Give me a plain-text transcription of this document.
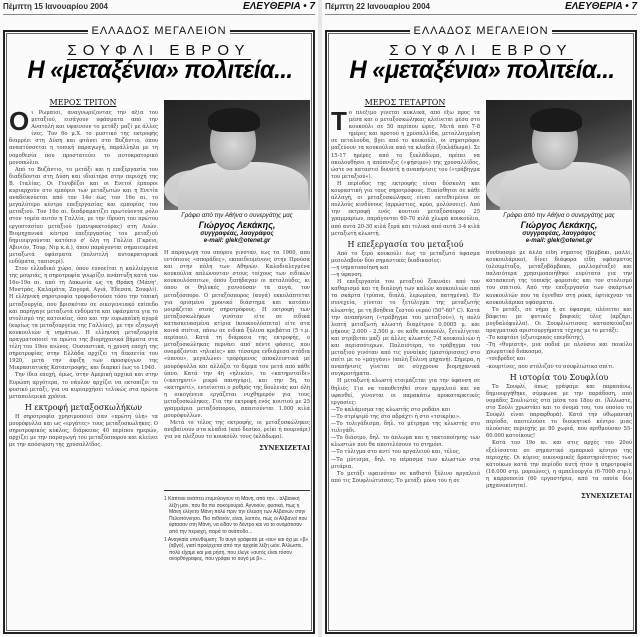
Πέμπτη 15 Ιανουαρίου 2004	ΕΛΕΥΘΕΡΙΑ • 7
ΕΛΛΑΔΟΣ ΜΕΓΑΛΕΙΟΝ
ΣΟΥΦΛΙ ΕΒΡΟΥ
Η «μεταξένια» πολιτεία...
ΜΕΡΟΣ ΤΡΙΤΟΝ

Οι Ρωμαίοι, αναγνωρίζοντας την αξία του μεταξιού, εισάγουν υφάσματα από την Ανατολή και υφαίνουν το μετάξι μαζί με άλλες ίνες. Τον 6ο μ.Χ. το μυστικό της εκτροφής διαρρέει στη Δύση και φτάνει στο Βυζάντιο, όπου αναπτύσσεται η τοπική παραγωγή, παράλληλα με τη νομοθεσία που προστατεύει το αυτοκρατορικό μονοπώλιο.

Από το Βυζάντιο, το μετάξι και η επεξεργασία του διαδίδονται στη Δύση και ιδιαίτερα στην περιοχή της Β. Ιταλίας. Οι Γενοβέζοι και οι Ενετοί έμποροι κυριαρχούν στο εμπόριο των μεταξωτών και η Ενετία αναδεικνύεται από τον 14ο έως τον 16ο αι. το μεγαλύτερο κέντρο επεξεργασίας και εμπορίας του μεταξιού. Τον 16ο αι. διαδραματίζει πρωτεύοντα ρόλο στον τομέα αυτόν η Γαλλία, με την ίδρυση του πρώτου εργοστασίου μεταξιού (μανιφακτούρας) στη Λυών. Βιομηχανικά κέντρα επεξεργασίας του μεταξιού δημιουργούνται κατόπιν σ' όλη τη Γαλλία (Γκρέιο, Αβινιόν, Τουρ, Νιμ κ.ά.), όπου παράγονται σημαιευμένα μεταξωτά υφάσματα (πολυτελή αυτοκρατορικά ενδύματα, ταπισερί).

Στον ελλαδικό χώρο, όπου ευνοείται η καλλιέργεια της μουριάς, η σηροτροφία γνωρίζει ανάπτυξη κατά τον 16ο-19ο αι. από τη Λακωνία ως τη Θράκη (Μάνη¹, Μυστράς, Καλαμάτα, Ζαγορά, Αγιά, Έδεσσα, Σουφλί). Η ελληνική σηροτροφία τροφοδοτούσε τόσο την τοπική μεταξουργία, που βρισκόταν σε οικογενειακό επίπεδο και παρήγαγε μεταξωτά ενδύματα και υφάσματα για το στολισμό της κατοικίας, όσο και την ευρωπαϊκή αγορά (κυρίως τα μεταξουργεία της Γαλλίας), με την εξαγωγή κουκουλιών ή νημάτων. Η ελληνική μεταξουργία πραγματοποιεί τα πρώτα της βιομηχανικά βήματα στα τέλη του 19ου αιώνος. Ουσιαστικά, η χρυσή εποχή της σηροτροφίας στην Ελλάδα αρχίζει τη δεκαετία του 1920, μετά την άφιξη των προσφύγων της Μικρασιατικής Καταστροφής, και διαρκεί έως το 1940.

Την ίδια εποχή, όμως, στην Αμερική αρχικά και στην Ευρώπη αργότερα, το νάυλον αρχίζει να εκτοπίζει το φυσικό μετάξι, για να κυριαρχήσει τελικώς στα πρώτα μεταπολεμικά χρόνια.

Η εκτροφή μεταξοσκωλήκων

Η σηροτροφία χρησιμοποιεί σαν «πρώτη ύλη» τα μουρόφυλλα και ως «εργάτες» τους μεταξοσκώληκες. Ο σηροτροφικός κύκλος, διάρκειας 40 περίπου ημερών, αρχίζει με την παραγωγή του μεταξόσπορου και κλείνει με την απόσυρση της χρυσαλλίδος.

Γράφει από την Αθήνα ο συνεργάτης μας
Γιώργος Λεκάκης,
συγγραφέας, λαογράφος
e-mail: glek@otenet.gr

Η παραγωγή του σπόρου γινόταν, έως τα 1960, από εντόπιους «σποράδες», εκπαιδευμένους στην Προύσα και στην πόλη των Αθηνών. Καλοδιαλεγμένα κουκούλια απλώνονταν στους τοίχους των ειδικών κουκουλόσπιτων, όπου ξεπήδαγαν οι πεταλούδες, κι όπου οι θηλυκές γεννούσαν τα αυγά, τον μεταξόσπορο. Ο μεταξόσπορος (αυγά) εκκολάπτεται για ορισμένο χρονικό διάστημα και κατόπιν μοιράζεται στους σηροτρόφους. Η εκτροφή των μεταξοσκωλήκων γινόταν είτε σε ειδικά κατασκευασμένα κτίρια (κουκουλόσπιτα) είτε στα κοινά σπίτια, πάνω σε ειδικά ξύλινα κρεβάτια (5 τ.μ. περίπου). Κατά τη διάρκεια της εκτροφής, ο μεταξοσκώληκας περνάει από πέντε φάσεις, που ονομάζονται «ηλικίες» και τέσσερα ενδιάμεσα στάδια «ύπνου», μεγαλώνει τρεφόμενος αποκλειστικά με μουρόφυλλα και αλλάζει το δέρμα του μετά από κάθε ύπνο. Κατά την 4η «ηλικία», το «κατηρνταϊδι» («κατηρντί» μικρό πανηγύρι), και την 5η, το «κατηρντί», εντείνεται ο ρυθμός της δουλειάς και όλη η οικογένεια εργάζεται νυχθημερόν για τους μεταξοσκώληκες. Για την εκτροφή ενός κουτιού με 25 γραμμάρια μεταξόσπορου, απαιτούνται 1.000 κιλά μουρόφυλλων.

Μετά το τέλος της εκτροφής, οι μεταξοσκώληκες ανεβαίνουν στα κλαδιά (από δεσίκο, ρείκι ή πουρνάρι) για να πλέξουν το κουκούλι τους (κλάδωμα).

ΣΥΝΕΧΙΖΕΤΑΙ

1 Κάποιοι ανάπτει ετυμολογούν τη Μάνη, από την... αλβανική λέξη μαν, που θα πει συκομουριά. Αγνοούν, φυσικά, πως η Μάνη ελέγετο Μάνη πολύ πριν την έλευση των Αλβανών στην Πελοπόννησο. Πιο πιθανόν, είναι, λοιπόν, πως οι Αλβανοί που έφτασαν στη Μάνη, να είδαν το δέντρο και να το ονομάτισαν από την περιοχή, παρά το ανάποδο...

1 Αναγκαία υπενθύμιση: Το αυγό γράφεται με «αυ» και όχι με «β» (αβγό), γιατί προέρχεται από την αρχαία λέξη ωόν. Άλλωστε, πολύ είχαμε και μια ρήση, που έλεγε «αυτός είναι τόσον ανορθόγραφος, που γράφει το αυγό με β»...

Πέμπτη 22 Ιανουαρίου 2004	ΕΛΕΥΘΕΡΙΑ • 7
ΕΛΛΑΔΟΣ ΜΕΓΑΛΕΙΟΝ
ΣΟΥΦΛΙ ΕΒΡΟΥ
Η «μεταξένια» πολιτεία...
ΜΕΡΟΣ ΤΕΤΑΡΤΟΝ

Το πλέξιμο γίνεται κυκλικά, από έξω προς τα μέσα και ο μεταξοσκώληκας κλείνεται μέσα στο κουκούλι σε 50 περίπου ώρες. Μετά από 7-8 ημέρες και προτού η χρυσαλλίδα, μεταλλαγμένη σε πεταλούδα, βγει από το κουκούλι, οι σηροτρόφοι μαζεύουν τα κουκούλια από τα κλαδιά (ξεκλάδωμα). Σε 15-17 ημέρες από το ξεκλάδωμα, πρέπει να ακολουθήσει η απόπνιξις («ψήσιμο») της χρυσαλλίδος, ώστε να καταστεί δυνατή η αναπήνισις του («τράβηγμα του μεταξιού»).

Η περίοδος της εκτροφής είναι δύσκολη και κουραστική για τους σηροτρόφους. Ευαίσθητοι σε κάθε αλλαγή, οι μεταξοσκώληκες είναι εκτεθειμένοι σε πολλούς κινδύνους (αρρώστιες, κρύο, μολύνσεις). Από την εκτροφή ενός κουτιού μεταξόσπορου 25 γραμμαρίων, παράγονται 60-70 κιλά χλωρά κουκούλια, από αυτά 20-30 κιλά ξερά και τελικά από αυτά 3-4 κιλά μεταξωτή κλωστή.

Η επεξεργασία του μεταξιού

Από το ξερό κουκούλι έως το μεταξωτό ύφασμα μεσολαβούν δύο σημαντικές διαδικασίες:

—η νηματοποίηση και

—η ύφανση.

Η επεξεργασία του μεταξιού ξεκινάει από τον καθαρισμό και τη διαλογή των καλών κουκουλιών από τα σκάρτα (τρύπια, διπλά, λερωμένα, πατημένα). Εν συνεχεία, γίνεται το ξετύλιγμα της μεταξωτής κλωστής, με τη βοήθεια ζεστού νερού (50°-60° C). Κατά την αναπήνιση («τράβηγμα του μεταξιού»), η πολύ λεπτή μεταξωτή κλωστή διαμέτρου 0,0005 μ. και μήκους 2.000 - 2.500 μ. σε κάθε κουκούλι, ξετυλίγεται και στρίβεται μαζί με άλλες κλωστές 7-8 κουκουλιών ή και περισσότερων. Παλαιότερα, το τράβηγμα του μεταξιού γινόταν από τις γυναίκες (μαστόρισσες) στο σπίτι με το «μαγγάνι» (απλή ξύλινη μηχανή). Σήμερα, η αναπήνισις γίνεται σε σύγχρονα βιομηχανικά συγκροτήματα.

Η μεταξωτή κλωστή ετοιμάζεται για την ύφανση σε θηλιές. Για να τοποθετηθεί στον αργαλειό και να υφανθεί, γίνονται οι παρακάτω προκαταρκτικές εργασίες:

—Το καλάμισμα της κλωστής στο ροδάνι και

—Το στρίψιμό της στο αδράχτι ή στο «τσικρίκι».

—Το τυλιγάδισμα, δηλ. το μέτρημα της κλωστής στο τυλιγάδι.

—Το διάσιμο, δηλ. το άπλωμα και η τακτοποίησης των κλωστών που θα αποτελέσουν το στημόνι.

—Το τύλιγμα στο αντί του αργαλειού και, τέλος,

—Το μύτισμα, δηλ. το πέρασμα των κλωστών στα μιτάρια.

Το μετάξι υφαινόταν σε καθιστό ξύλινο αργαλειό από τις Σουφλιώτισσες. Το μετάξι μόνο του ή σε

Γράφει από την Αθήνα ο συνεργάτης μας
Γιώργος Λεκάκης,
συγγραφέας, λαογράφος
e-mail: glek@otenet.gr

συνδυασμό με άλλα είδη νήματος (βαμβάκι, μαλλί, κουκουλάρικο), δίνει διάφορα είδη υφάσματος (αλουμέταξο, μεταξοβάμβακο, μαλλομέταξο) και παλαιότερα χρησιμοποιήθηκε ευρύτατα για την κατασκευή της τοπικής φορεσιάς και τον στολισμό του σπιτιού. Από την επεξεργασία των σκάρτων κουκουλιών που τα έγνεθαν στη ρόκα, έφτιαχναν τα κουκουλάρικα υφάσματα.

Το μετάξι, σε νήμα ή σε ύφασμα, πλένεται και βάφεται με φυτικές βαφικές ύλες (αρζάρι, μυγδαλόφυλλα). Οι Σουφλιώτισσες κατασκεύαζαν πραγματικά αριστουργήματα τέχνης με το μετάξι:

–Το καφτάνι (εξωτερικός επενδύτης),

–Τη «θυμιατή», μια ποδιά με πλούσιο και ποικίλο χρωματικό διάκοσμο,

–τσεβρέδες και

–κουρτίνες, που στόλιζαν το σουφλιώτικο σπίτι.

Η ιστορία του Σουφλίου

Το Σουφλί, όπως γράψαμε και παραπάνω, δημιουργήθηκε, σύμφωνα με την παράδοση, από νομάδες Σουλιώτες στα μέσα του 18ου αι. (Άλλωστε, στο Σούλι χρωστάει και το όνομά του, του οποίου το Σουφλί είναι παραφθορά). Κατά την οθωμανική περίοδο, αποτελούσε το διοικητικό κέντρο μιας πλούσιας περιοχής με 80 χωριά, που αριθμούσαν 55-60.000 κατοίκους!

Κατά τον 19ο αι. και στις αρχές του 20ού εξελίσσεται σε σημαντικό εμπορικό κέντρο της περιοχής. Οι κύριες οικονομικές δραστηριότητες των κατοίκων κατά την περίοδο αυτή ήταν η σηροτροφία (16.000 στρ. μορεώνες), η αμπελουργία (6-7000 στρ.), η καρροποιία (60 εργαστήρια, από τα οποία δύο μηχανοκίνητα).

ΣΥΝΕΧΙΖΕΤΑΙ
